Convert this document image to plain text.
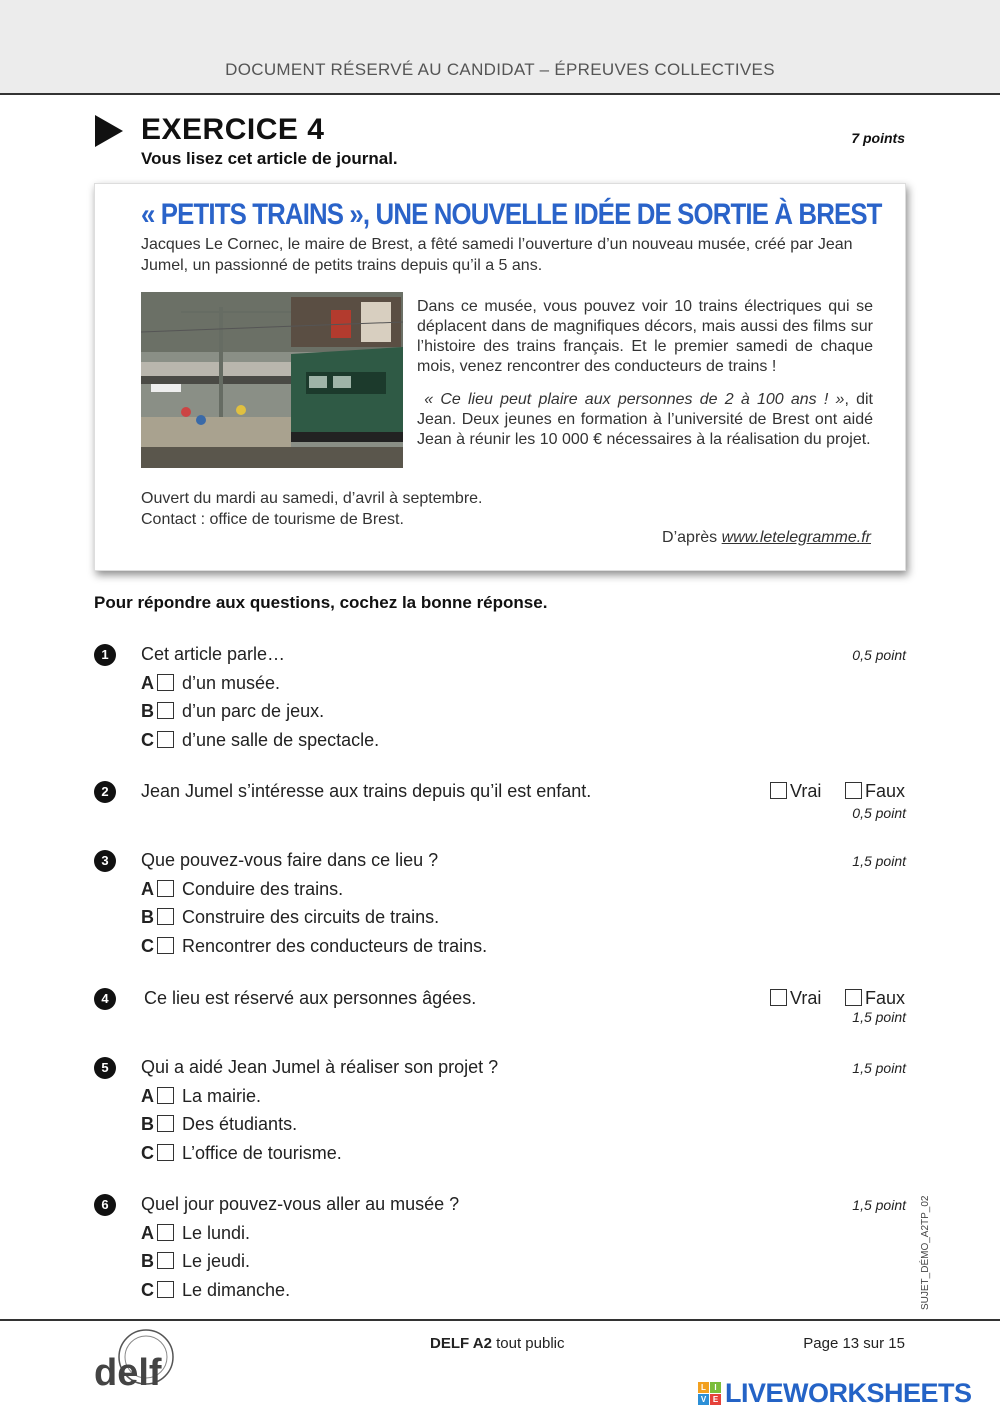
DOCUMENT RÉSERVÉ AU CANDIDAT – ÉPREUVES COLLECTIVES
EXERCICE 4
Vous lisez cet article de journal.
7 points
« PETITS TRAINS », UNE NOUVELLE IDÉE DE SORTIE À BREST
Jacques Le Cornec, le maire de Brest, a fêté samedi l’ouverture d’un nouveau musée, créé par Jean Jumel, un passionné de petits trains depuis qu’il a 5 ans.
Dans ce musée, vous pouvez voir 10 trains électriques qui se déplacent dans de magnifiques décors, mais aussi des films sur l’histoire des trains français. Et le premier samedi de chaque mois, venez rencontrer des conducteurs de trains !
« Ce lieu peut plaire aux personnes de 2 à 100 ans ! », dit Jean. Deux jeunes en formation à l’université de Brest ont aidé Jean à réunir les 10 000 € nécessaires à la réalisation du projet.
Ouvert du mardi au samedi, d’avril à septembre.
Contact : office de tourisme de Brest.
D’après www.letelegramme.fr
Pour répondre aux questions, cochez la bonne réponse.
1	Cet article parle…	0,5 point
A d’un musée.
B d’un parc de jeux.
C d’une salle de spectacle.
2	Jean Jumel s’intéresse aux trains depuis qu’il est enfant.	Vrai	Faux
0,5 point
3	Que pouvez-vous faire dans ce lieu ?	1,5 point
A Conduire des trains.
B Construire des circuits de trains.
C Rencontrer des conducteurs de trains.
4	Ce lieu est réservé aux personnes âgées.	Vrai	Faux
1,5 point
5	Qui a aidé Jean Jumel à réaliser son projet ?	1,5 point
A La mairie.
B Des étudiants.
C L’office de tourisme.
6	Quel jour pouvez-vous aller au musée ?	1,5 point
A Le lundi.
B Le jeudi.
C Le dimanche.	SUJET_DÉMO_A2TP_02
delf
DELF A2 tout public	Page 13 sur 15
L	I
V E LIVEWORKSHEETS
